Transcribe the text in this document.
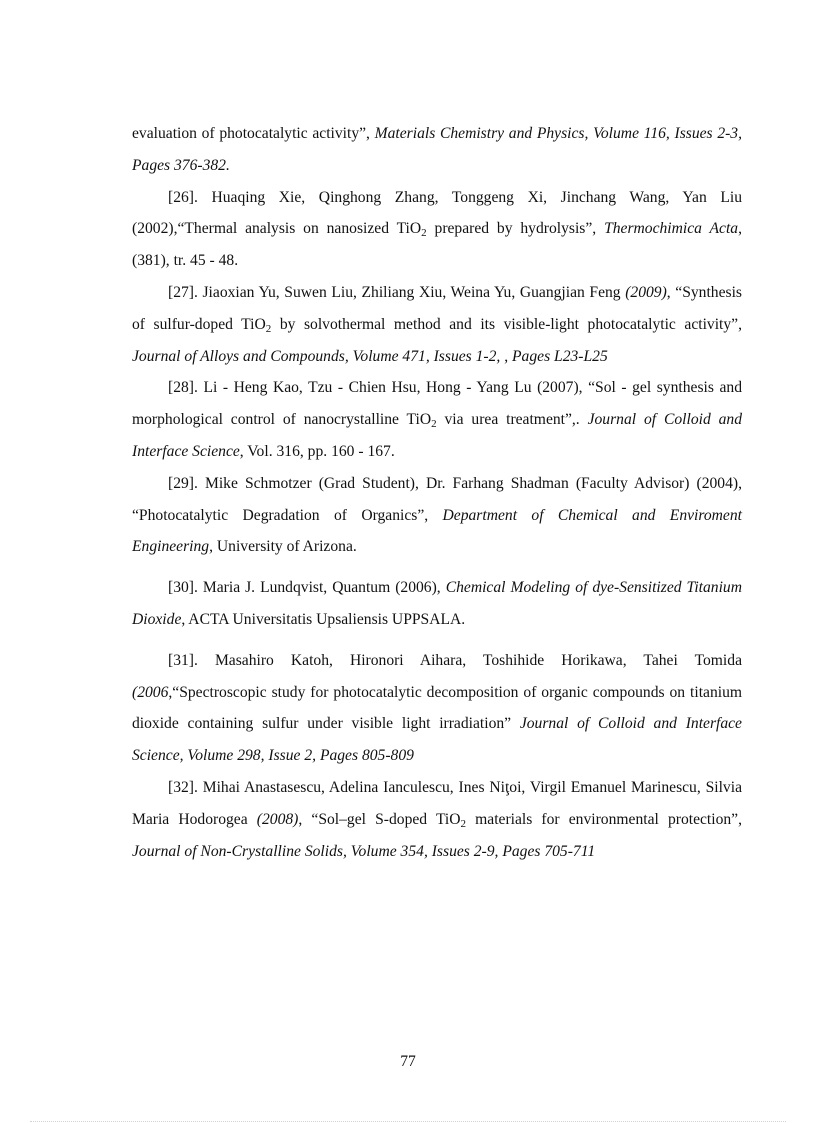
evaluation of photocatalytic activity”, Materials Chemistry and Physics, Volume 116, Issues 2-3, Pages 376-382.

[26]. Huaqing Xie, Qinghong Zhang, Tonggeng Xi, Jinchang Wang, Yan Liu (2002),“Thermal analysis on nanosized TiO$_2$ prepared by hydrolysis”, Thermochimica Acta, (381), tr. 45 - 48.

[27]. Jiaoxian Yu, Suwen Liu, Zhiliang Xiu, Weina Yu, Guangjian Feng (2009), “Synthesis of sulfur-doped TiO$_2$ by solvothermal method and its visible-light photocatalytic activity”, Journal of Alloys and Compounds, Volume 471, Issues 1-2, , Pages L23-L25

[28]. Li - Heng Kao, Tzu - Chien Hsu, Hong - Yang Lu (2007), “Sol - gel synthesis and morphological control of nanocrystalline TiO$_2$ via urea treatment”,. Journal of Colloid and Interface Science, Vol. 316, pp. 160 - 167.

[29]. Mike Schmotzer (Grad Student), Dr. Farhang Shadman (Faculty Advisor) (2004), “Photocatalytic Degradation of Organics”, Department of Chemical and Enviroment Engineering, University of Arizona.

[30]. Maria J. Lundqvist, Quantum (2006), Chemical Modeling of dye-Sensitized Titanium Dioxide, ACTA Universitatis Upsaliensis UPPSALA.

[31]. Masahiro Katoh, Hironori Aihara, Toshihide Horikawa, Tahei Tomida (2006,“Spectroscopic study for photocatalytic decomposition of organic compounds on titanium dioxide containing sulfur under visible light irradiation” Journal of Colloid and Interface Science, Volume 298, Issue 2, Pages 805-809

[32]. Mihai Anastasescu, Adelina Ianculescu, Ines Niţoi, Virgil Emanuel Marinescu, Silvia Maria Hodorogea (2008), “Sol–gel S-doped TiO$_2$ materials for environmental protection”, Journal of Non-Crystalline Solids, Volume 354, Issues 2-9, Pages 705-711

77
